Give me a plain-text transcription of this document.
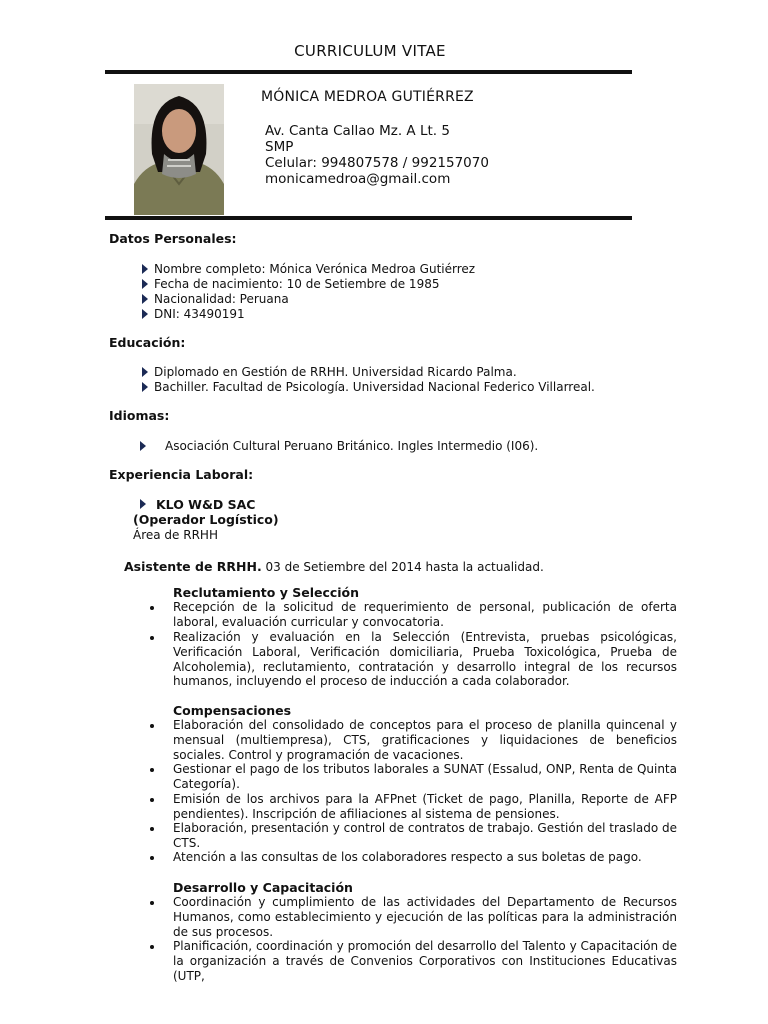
CURRICULUM VITAE
MÓNICA MEDROA GUTIÉRREZ
Av. Canta Callao Mz. A Lt. 5
SMP
Celular: 994807578 / 992157070
monicamedroa@gmail.com
Datos Personales:
Nombre completo: Mónica Verónica Medroa Gutiérrez
Fecha de nacimiento: 10 de Setiembre de 1985
Nacionalidad: Peruana
DNI: 43490191
Educación:
Diplomado en Gestión de RRHH. Universidad Ricardo Palma.
Bachiller. Facultad de Psicología. Universidad Nacional Federico Villarreal.
Idiomas:
Asociación Cultural Peruano Británico. Ingles Intermedio (I06).
Experiencia Laboral:
KLO W&D SAC
(Operador Logístico)
Área de RRHH
Asistente de RRHH. 03 de Setiembre del 2014 hasta la actualidad.
Reclutamiento y Selección
Recepción de la solicitud de requerimiento de personal, publicación de oferta laboral, evaluación curricular y convocatoria.
Realización y evaluación en la Selección (Entrevista, pruebas psicológicas, Verificación Laboral, Verificación domiciliaria, Prueba Toxicológica, Prueba de Alcoholemia), reclutamiento, contratación y desarrollo integral de los recursos humanos, incluyendo el proceso de inducción a cada colaborador.
Compensaciones
Elaboración del consolidado de conceptos para el proceso de planilla quincenal y mensual (multiempresa), CTS, gratificaciones y liquidaciones de beneficios sociales. Control y programación de vacaciones.
Gestionar el pago de los tributos laborales a SUNAT (Essalud, ONP, Renta de Quinta Categoría).
Emisión de los archivos para la AFPnet (Ticket de pago, Planilla, Reporte de AFP pendientes). Inscripción de afiliaciones al sistema de pensiones.
Elaboración, presentación y control de contratos de trabajo. Gestión del traslado de CTS.
Atención a las consultas de los colaboradores respecto a sus boletas de pago.
Desarrollo y Capacitación
Coordinación y cumplimiento de las actividades del Departamento de Recursos Humanos, como establecimiento y ejecución de las políticas para la administración de sus procesos.
Planificación, coordinación y promoción del desarrollo del Talento y Capacitación de la organización a través de Convenios Corporativos con Instituciones Educativas (UTP,
